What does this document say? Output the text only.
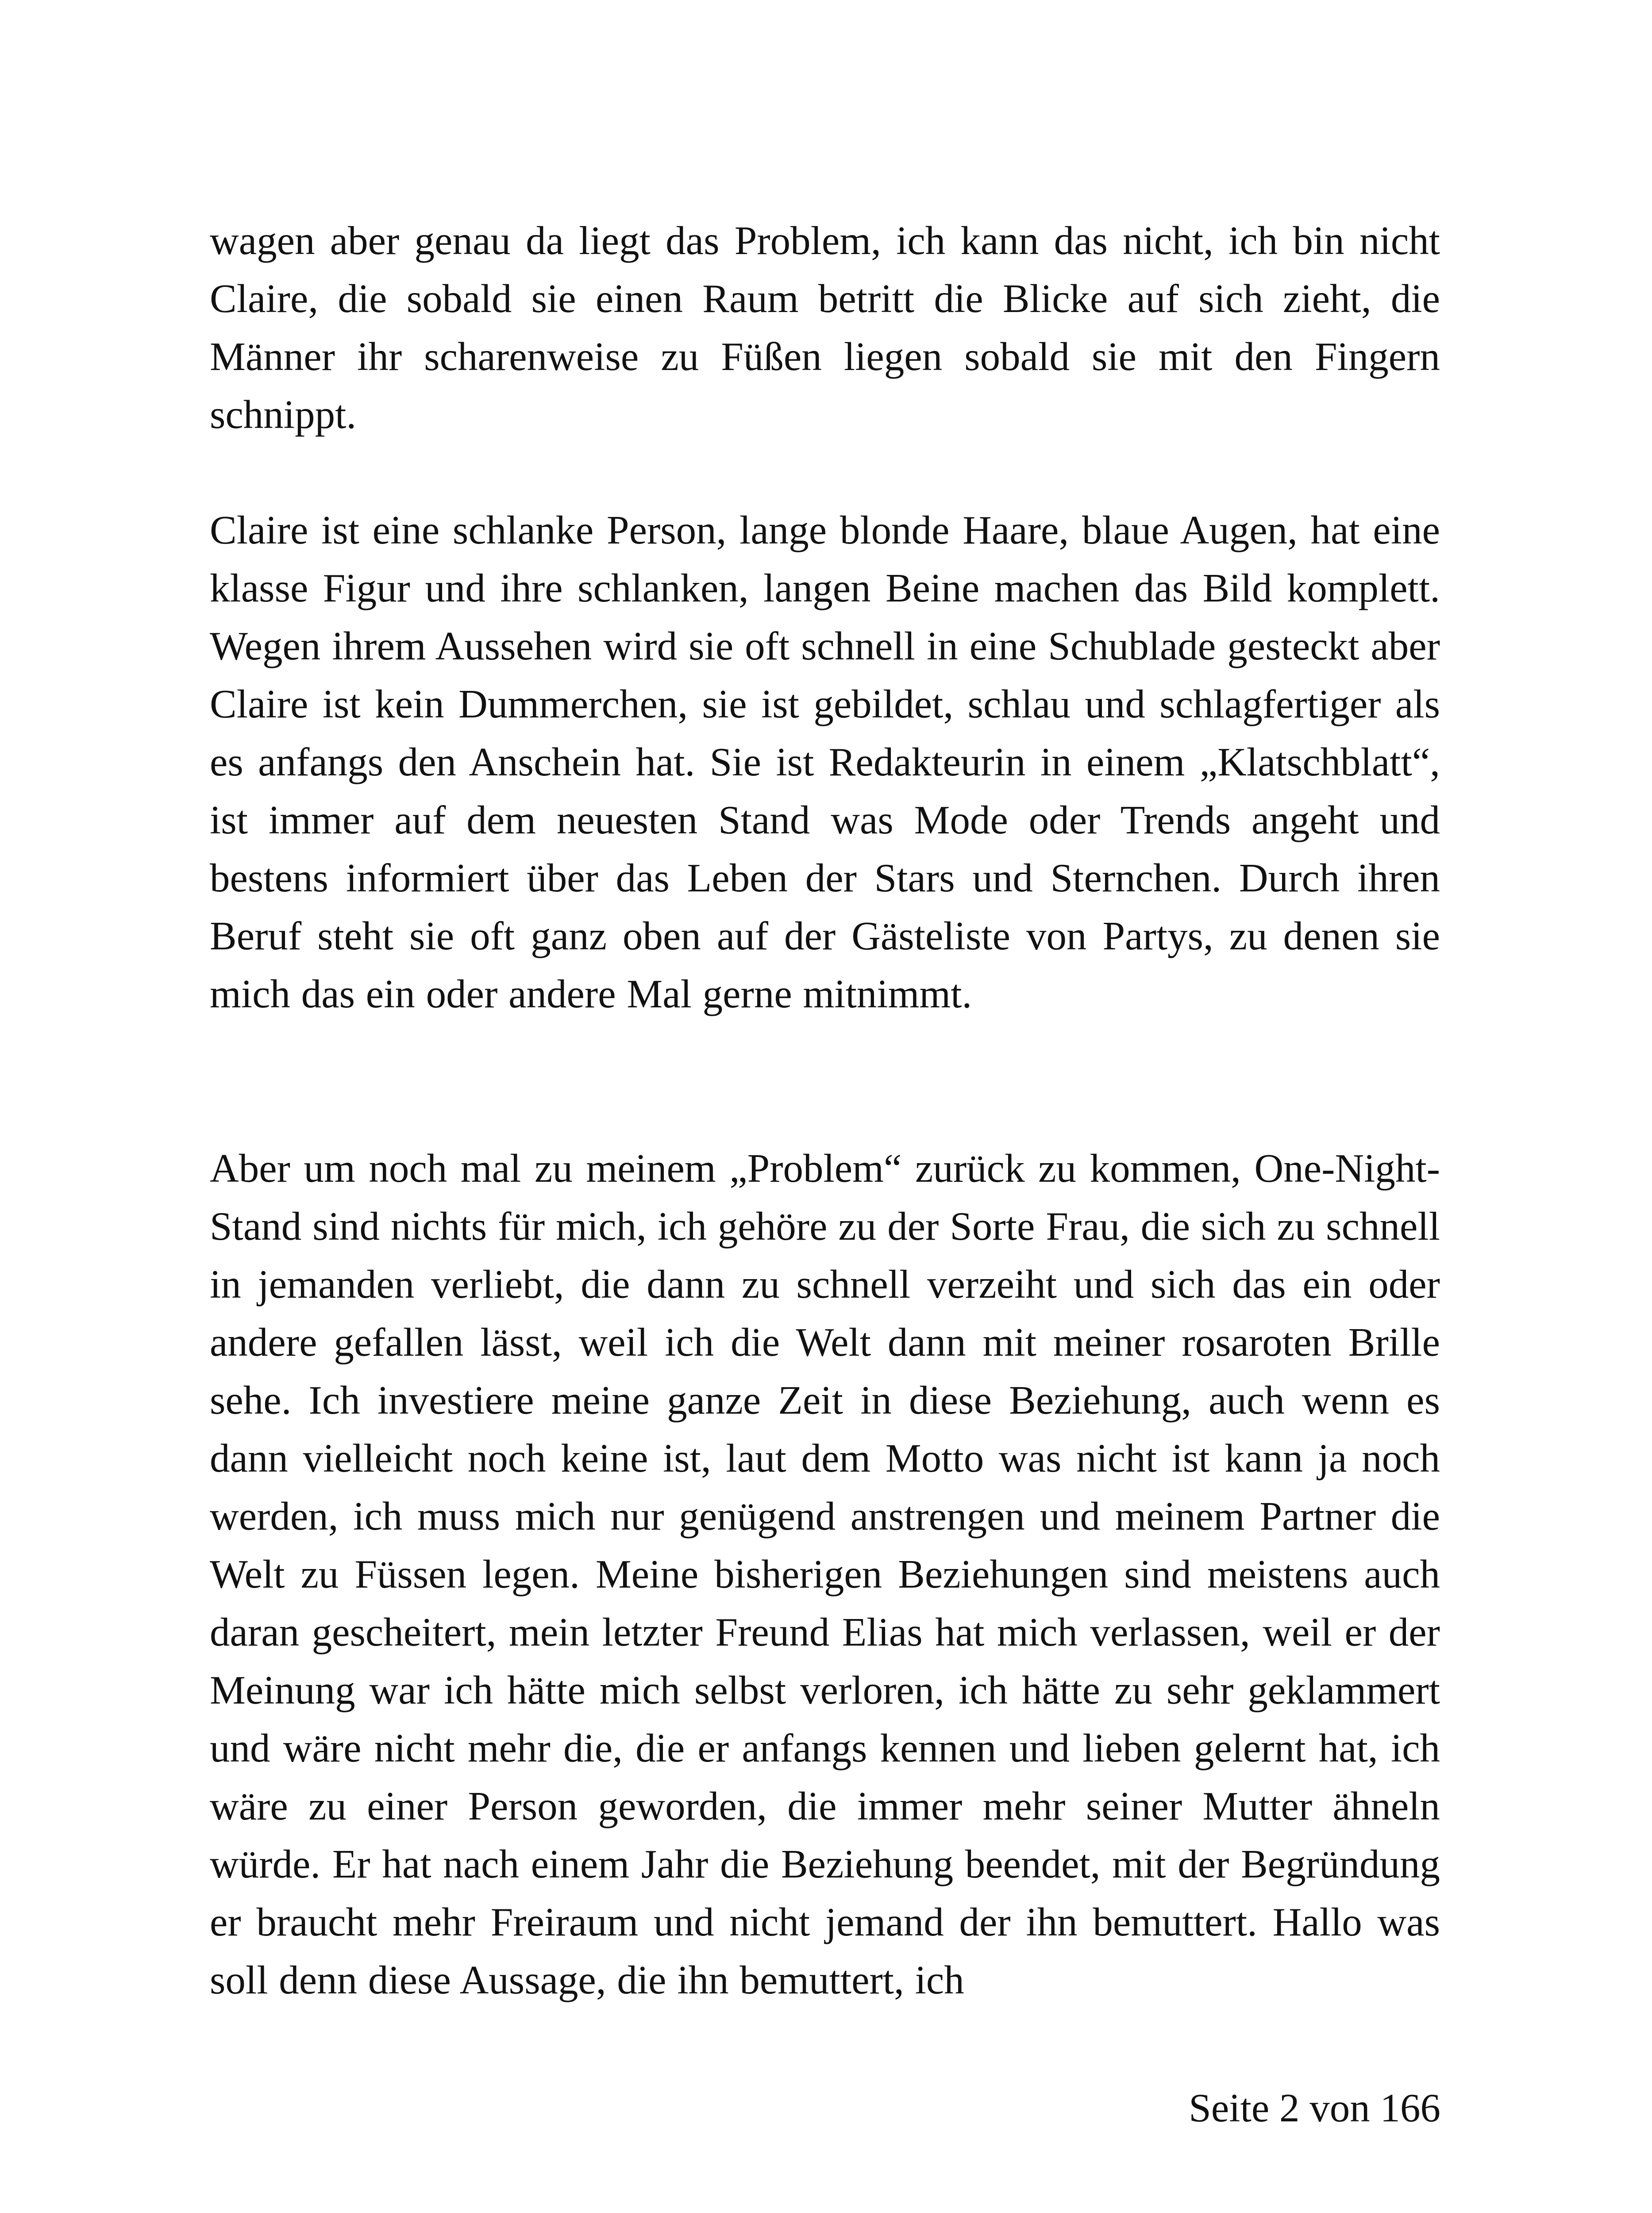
wagen aber genau da liegt das Problem, ich kann das nicht, ich bin nicht Claire, die sobald sie einen Raum betritt die Blicke auf sich zieht, die Männer ihr scharenweise zu Füßen liegen sobald sie mit den Fingern schnippt.

Claire ist eine schlanke Person, lange blonde Haare, blaue Augen, hat eine klasse Figur und ihre schlanken, langen Beine machen das Bild komplett. Wegen ihrem Aussehen wird sie oft schnell in eine Schublade gesteckt aber Claire ist kein Dummerchen, sie ist gebildet, schlau und schlagfertiger als es anfangs den Anschein hat. Sie ist Redakteurin in einem „Klatschblatt“, ist immer auf dem neuesten Stand was Mode oder Trends angeht und bestens informiert über das Leben der Stars und Sternchen. Durch ihren Beruf steht sie oft ganz oben auf der Gästeliste von Partys, zu denen sie mich das ein oder andere Mal gerne mitnimmt.

Aber um noch mal zu meinem „Problem“ zurück zu kommen, One-Night-Stand sind nichts für mich, ich gehöre zu der Sorte Frau, die sich zu schnell in jemanden verliebt, die dann zu schnell verzeiht und sich das ein oder andere gefallen lässt, weil ich die Welt dann mit meiner rosaroten Brille sehe. Ich investiere meine ganze Zeit in diese Beziehung, auch wenn es dann vielleicht noch keine ist, laut dem Motto was nicht ist kann ja noch werden, ich muss mich nur genügend anstrengen und meinem Partner die Welt zu Füssen legen. Meine bisherigen Beziehungen sind meistens auch daran gescheitert, mein letzter Freund Elias hat mich verlassen, weil er der Meinung war ich hätte mich selbst verloren, ich hätte zu sehr geklammert und wäre nicht mehr die, die er anfangs kennen und lieben gelernt hat, ich wäre zu einer Person geworden, die immer mehr seiner Mutter ähneln würde. Er hat nach einem Jahr die Beziehung beendet, mit der Begründung er braucht mehr Freiraum und nicht jemand der ihn bemuttert. Hallo was soll denn diese Aussage, die ihn bemuttert, ich

Seite 2 von 166
